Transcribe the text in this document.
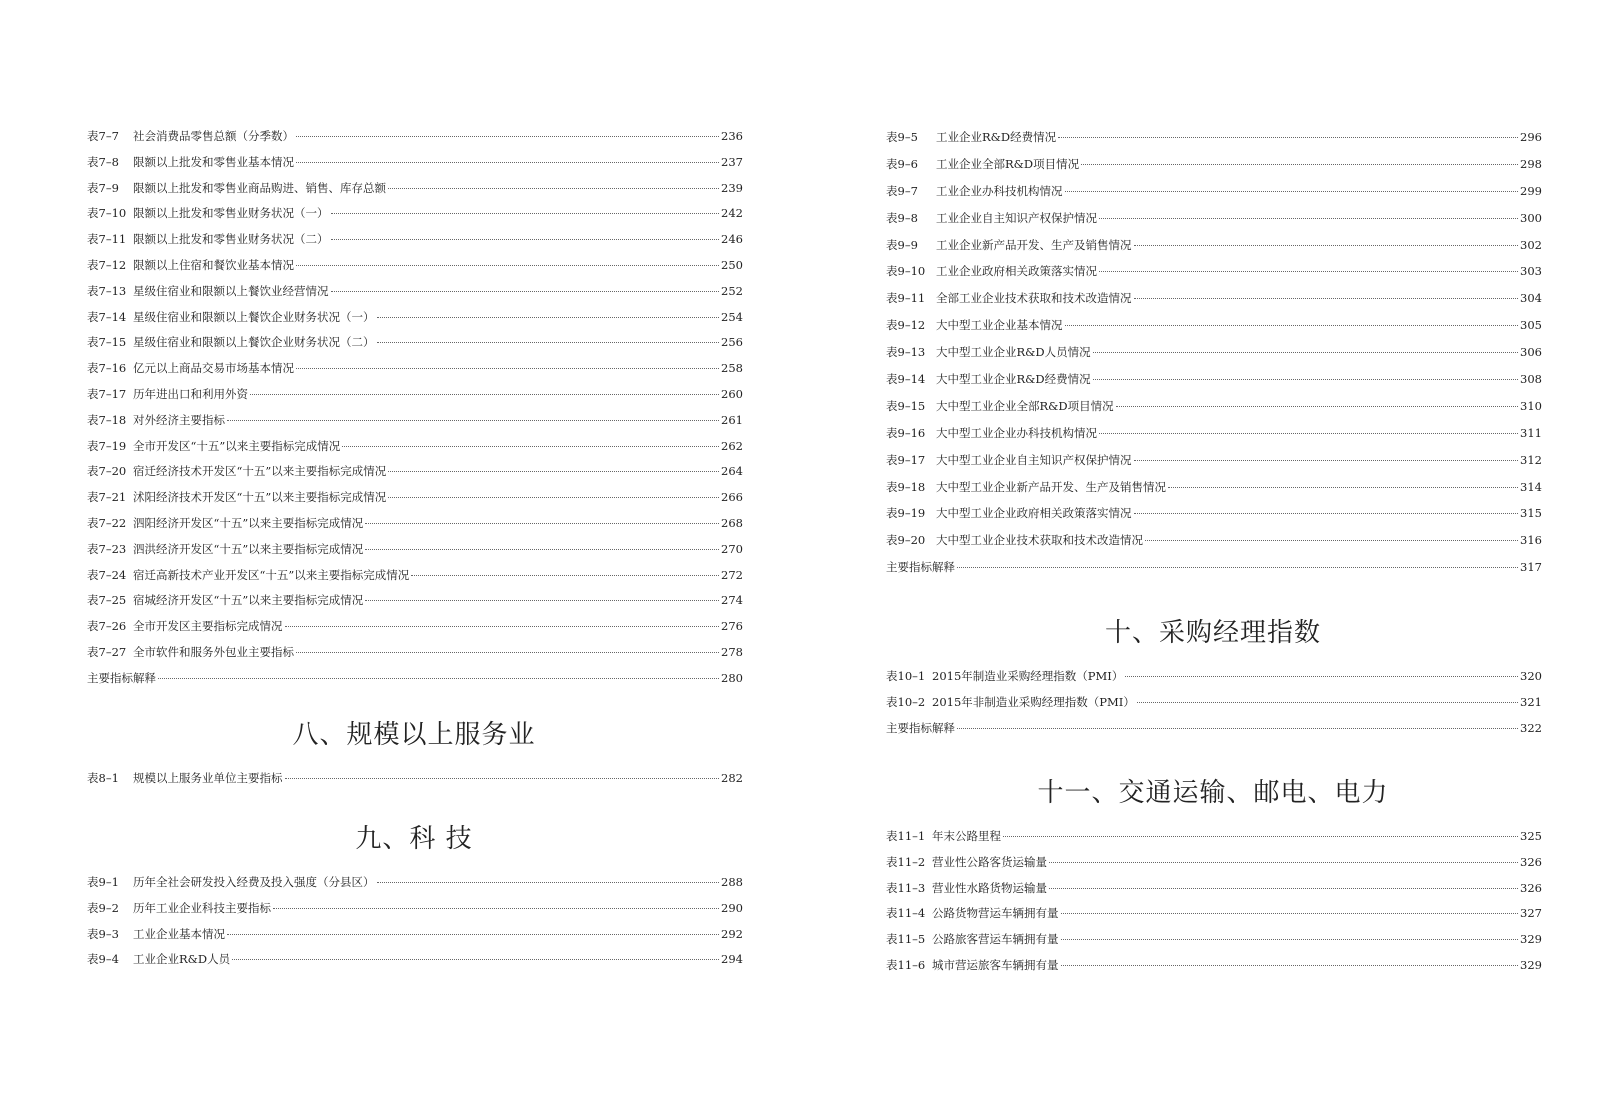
表7–7	社会消费品零售总额（分季数）	236
表7–8	限额以上批发和零售业基本情况	237
表7–9	限额以上批发和零售业商品购进、销售、库存总额	239
表7–10 限额以上批发和零售业财务状况（一）	242
表7–11 限额以上批发和零售业财务状况（二）	246
表7–12 限额以上住宿和餐饮业基本情况	250
表7–13 星级住宿业和限额以上餐饮业经营情况	252
表7–14 星级住宿业和限额以上餐饮企业财务状况（一）	254
表7–15 星级住宿业和限额以上餐饮企业财务状况（二）	256
表7–16 亿元以上商品交易市场基本情况	258
表7–17 历年进出口和利用外资	260
表7–18 对外经济主要指标	261
表7–19 全市开发区“十五”以来主要指标完成情况	262
表7–20 宿迁经济技术开发区“十五”以来主要指标完成情况	264
表7–21 沭阳经济技术开发区“十五”以来主要指标完成情况	266
表7–22 泗阳经济开发区“十五”以来主要指标完成情况	268
表7–23 泗洪经济开发区“十五”以来主要指标完成情况	270
表7–24 宿迁高新技术产业开发区“十五”以来主要指标完成情况	272
表7–25 宿城经济开发区“十五”以来主要指标完成情况	274
表7–26 全市开发区主要指标完成情况	276
表7–27 全市软件和服务外包业主要指标	278
主要指标解释	280
八、规模以上服务业
表8–1	规模以上服务业单位主要指标	282
九、科 技
表9–1	历年全社会研发投入经费及投入强度（分县区）	288
表9–2	历年工业企业科技主要指标	290
表9–3	工业企业基本情况	292
表9–4	工业企业R&D人员	294
表9–5	工业企业R&D经费情况	296
表9–6	工业企业全部R&D项目情况	298
表9–7	工业企业办科技机构情况	299
表9–8	工业企业自主知识产权保护情况	300
表9–9	工业企业新产品开发、生产及销售情况	302
表9–10 工业企业政府相关政策落实情况	303
表9–11 全部工业企业技术获取和技术改造情况	304
表9–12 大中型工业企业基本情况	305
表9–13 大中型工业企业R&D人员情况	306
表9–14 大中型工业企业R&D经费情况	308
表9–15 大中型工业企业全部R&D项目情况	310
表9–16 大中型工业企业办科技机构情况	311
表9–17 大中型工业企业自主知识产权保护情况	312
表9–18 大中型工业企业新产品开发、生产及销售情况	314
表9–19 大中型工业企业政府相关政策落实情况	315
表9–20 大中型工业企业技术获取和技术改造情况	316
主要指标解释	317
十、采购经理指数
表10–1 2015年制造业采购经理指数（PMI）	320
表10–2 2015年非制造业采购经理指数（PMI）	321
主要指标解释	322
十一、交通运输、邮电、电力
表11–1 年末公路里程	325
表11–2 营业性公路客货运输量	326
表11–3 营业性水路货物运输量	326
表11–4 公路货物营运车辆拥有量	327
表11–5 公路旅客营运车辆拥有量	329
表11–6 城市营运旅客车辆拥有量	329
